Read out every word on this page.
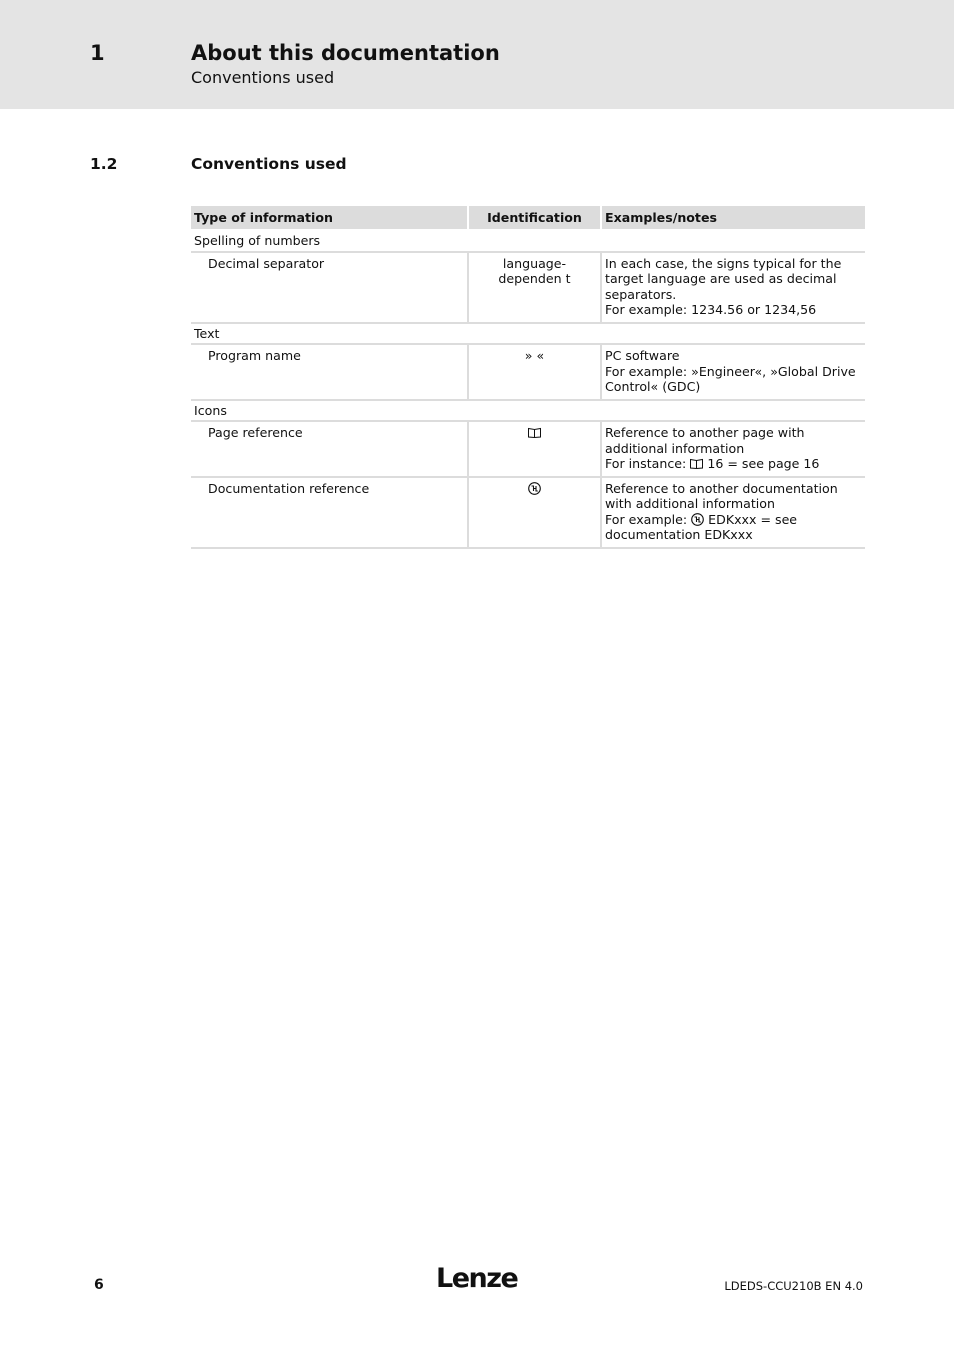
1	About this documentation
Conventions used
1.2	Conventions used
Type of information	Identification	Examples/notes
Spelling of numbers		
Decimal separator	language-dependen t	In each case, the signs typical for the target language are used as decimal separators.
For example: 1234.56 or 1234,56

Text		
Program name	» «	PC software
For example: »Engineer«, »Global Drive Control« (GDC)

Icons		
Page reference		Reference to another page with additional information
For instance: 16 = see page 16

Documentation reference		Reference to another documentation with additional information
For example: EDKxxx = see documentation EDKxxx
6	Lenze	LDEDS-CCU210B EN 4.0
